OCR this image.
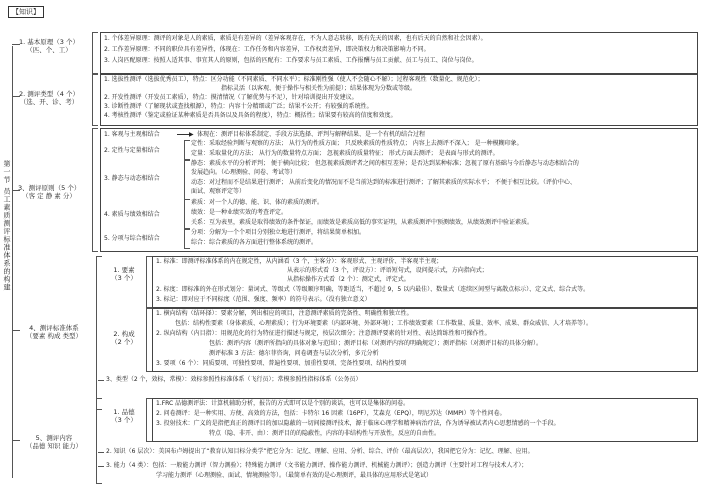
【知识】
第一节 员工素质测评标准体系的构建
1. 基本原理（3 个）
（匹、个、工）
1. 个体差异原理：测评的对象是人的素质，素质是有差异的（差异客观存在，不为人意志转移，既有先天的因素，也有后天的自然和社会因素）。
2. 工作差异原理：不同的职位具有差异性，体现在：工作任务和内容差异，工作权责差异，即决策权力和决策影响力不同。
3. 人岗匹配原理：按照人适其事、事宜其人的原则，包括的匹配有：工作要求与员工素质、工作报酬与员工贡献、员工与员工、岗位与岗位。
2. 测评类型（4 个）
（选、开、诊、考）
1. 选拔性测评（选拔优秀员工），特点：区分功能（不同素质、不同水平）；标准刚性强（使人不会随心不解）；过程客观性（数量化、规范化）；
指标灵活（以客观、便于操作与相关性为前提）；结果体现为分数或等级。
2. 开发性测评（开发员工素质），特点：摸清情况（了解优势与不足），针对培训提出开发建议。
3. 诊断性测评（了解现状或查找根源），特点：内容十分精细或广泛；结果不公开；有较强的系统性。
4. 考核性测评（鉴定或验证某种素质是否具备以及具备的程度），特点：概括性；结果要有较高的信度和效度。
3、测评原则（5 个）
（客 定 静 素 分）
1. 客观与主观相结合	▶ 体现在：测评目标体系制定、手段方法选择、评判与解释结果、是一个有机的结合过程
2. 定性与定量相结合
定性：采取经验判断与观察的方法； 从行为的性质方面； 只反映素质的性质特点； 内容上去测评不深入； 是一种模糊印象。
定量：采取量化的方法； 从行为的数量特点方面； 忽视素质的质量特征； 形式方面去测评； 是表面与形式的测评。
3. 静态与动态相结合
静态：素质水平的分析评判； 便于横向比较； 但忽视素质测评者之间的相互差异；是否达到某种标准；忽视了原有基础与今后静态与动态相结合的
发展趋向。（心理测验、问卷、考试等）
动态：对过程而不是结果进行测评； 从前后变化的情况而不是当前达到的标准进行测评；了解其素质的实际水平； 不便于相互比较。（评价中心、
面试、观察评定等）
4. 素质与绩效相结合
素质：对一个人的德、能、识、体的素质的测评。
绩效：是一种业绩实效的考查评定。
关系：互为表里，素质是取得绩效的条件保证，而绩效是素质高低的事实证明，从素质测评中预测绩效，从绩效测评中验证素质。
5. 分项与综合相结合
分项：分解为一个个项目分别独立地进行测评，将结果简单相加。
综合：综合素质的各方面进行整体系统的测评。
4、测评标准体系
（要素 构成 类型）
1. 要素
（3 个）
1. 标准：即测评标准体系的内在规定性，从内涵看（3 个，主客分）：客观形式、主观评价、半客观半主观；
从表示的形式看（3 个，评设方）：评语短句式，设问提示式，方向指向式；
从指标操作方式看（2 个）：测定式，评定式。
2. 标度：即标准的外在形式划分：量词式、等级式（等级顺序明确，等距适当，不超过 9，5 以内最佳）、数量式（连续区间型与离散点标示）、定义式、综合式等。
3. 标记：即对应于不同标度（范围、强度、频率）的符号表示。（没有独立意义）
2. 构成
（2 个）
1. 横向结构（结环择）：要素分解，列出相应的项目，注意测评素质的完备性、明确性和独立性。
包括：结构性要素（身体素质、心理素质）；行为环境要素（内部环境、外部环境）；工作绩效要素（工作数量、质量、效率、成果、群众威信、人才培养等）。
2. 纵向结构（内目指）：用规范化的行为特征进行描述与规定，按层次细分；注意测评要素的针对性、表达简练性和可操作性。
包括：测评内容（测评所指向的具体对象与范围）；测评目标（对测评内容的明确规定）；测评指标（对测评目标的具体分解）。
测评标准 3 方法：德尔菲咨询，问卷调查与层次分析，多元分析
3. 要项（6 个）：同质要项、可独性要项、普遍性要项、加重性要项、完备性要项、结构性要项
3、类型（2 个，效标，常模）：效标参照性标准体系（飞行员）；常模参照性指标体系（公务员）
5、测评内容
（品德 知识 能力）
1. 品德
（3 个）
1.FRC 品德测评法：计算机辅助分析，报告的方式即可以是个别的谈话，也可以是集体的问卷。
2. 问卷测评：是一种实用、方便、高效的方法，包括：卡特尔 16 因素（16PF），艾森克（EPQ），明尼苏达（MMPI）等个性问卷。
3. 投射技术：广义的是指把真正的测评目的加以隐蔽的一切间接测评技术，源于临床心理学和精神病治疗法，作为诱导被试者内心思想情感的一个手段。
特点（隐、非开、由）：测评目的的隐蔽性，内容的非结构性与开放性，反应的自由性。
2. 知识（6 层次）：美国布卢姆提出了“教育认知目标分类学”把它分为：记忆、理解、应用、分析、综合、评价（最高层次），我国把它分为：记忆、理解、应用。
3. 能力（4 类）：包括：一般能力测评（智力测验）；特殊能力测评（文书能力测评、操作能力测评、机械能力测评）；创造力测评（主要针对工程与技术人才）；
学习能力测评（心理测验、面试、情境测验等）。（最简单有效的是心理测评，最具体的应用形式是笔试）
